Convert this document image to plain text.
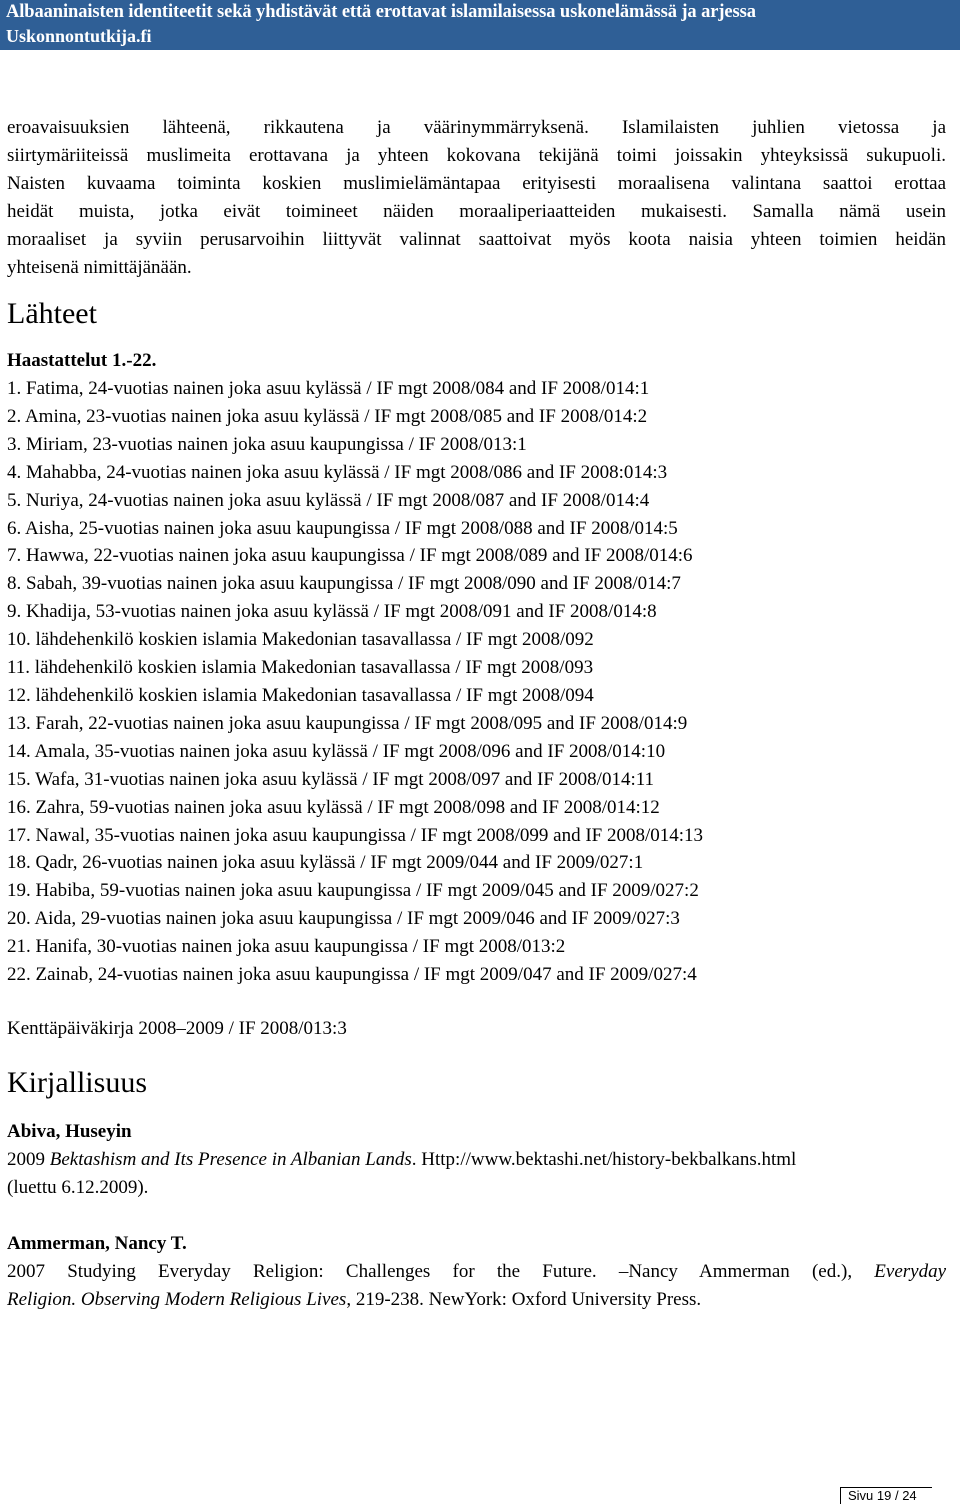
Albaaninaisten identiteetit sekä yhdistävät että erottavat islamilaisessa uskonelämässä ja arjessa
Uskonnontutkija.fi
eroavaisuuksien lähteenä, rikkautena ja väärinymmärryksenä. Islamilaisten juhlien vietossa ja
siirtymäriiteissä muslimeita erottavana ja yhteen kokovana tekijänä toimi joissakin yhteyksissä sukupuoli.
Naisten kuvaama toiminta koskien muslimielämäntapaa erityisesti moraalisena valintana saattoi erottaa
heidät muista, jotka eivät toimineet näiden moraaliperiaatteiden mukaisesti. Samalla nämä usein
moraaliset ja syviin perusarvoihin liittyvät valinnat saattoivat myös koota naisia yhteen toimien heidän
yhteisenä nimittäjänään.
Lähteet

Haastattelut 1.-22.

1. Fatima, 24-vuotias nainen joka asuu kylässä / IF mgt 2008/084 and IF 2008/014:1
2. Amina, 23-vuotias nainen joka asuu kylässä / IF mgt 2008/085 and IF 2008/014:2
3. Miriam, 23-vuotias nainen joka asuu kaupungissa / IF 2008/013:1
4. Mahabba, 24-vuotias nainen joka asuu kylässä / IF mgt 2008/086 and IF 2008:014:3
5. Nuriya, 24-vuotias nainen joka asuu kylässä / IF mgt 2008/087 and IF 2008/014:4
6. Aisha, 25-vuotias nainen joka asuu kaupungissa / IF mgt 2008/088 and IF 2008/014:5
7. Hawwa, 22-vuotias nainen joka asuu kaupungissa / IF mgt 2008/089 and IF 2008/014:6
8. Sabah, 39-vuotias nainen joka asuu kaupungissa / IF mgt 2008/090 and IF 2008/014:7
9. Khadija, 53-vuotias nainen joka asuu kylässä / IF mgt 2008/091 and IF 2008/014:8
10. lähdehenkilö koskien islamia Makedonian tasavallassa / IF mgt 2008/092
11. lähdehenkilö koskien islamia Makedonian tasavallassa / IF mgt 2008/093
12. lähdehenkilö koskien islamia Makedonian tasavallassa / IF mgt 2008/094
13. Farah, 22-vuotias nainen joka asuu kaupungissa / IF mgt 2008/095 and IF 2008/014:9
14. Amala, 35-vuotias nainen joka asuu kylässä / IF mgt 2008/096 and IF 2008/014:10
15. Wafa, 31-vuotias nainen joka asuu kylässä / IF mgt 2008/097 and IF 2008/014:11
16. Zahra, 59-vuotias nainen joka asuu kylässä / IF mgt 2008/098 and IF 2008/014:12
17. Nawal, 35-vuotias nainen joka asuu kaupungissa / IF mgt 2008/099 and IF 2008/014:13
18. Qadr, 26-vuotias nainen joka asuu kylässä / IF mgt 2009/044 and IF 2009/027:1
19. Habiba, 59-vuotias nainen joka asuu kaupungissa / IF mgt 2009/045 and IF 2009/027:2
20. Aida, 29-vuotias nainen joka asuu kaupungissa / IF mgt 2009/046 and IF 2009/027:3
21. Hanifa, 30-vuotias nainen joka asuu kaupungissa / IF mgt 2008/013:2
22. Zainab, 24-vuotias nainen joka asuu kaupungissa / IF mgt 2009/047 and IF 2009/027:4

Kenttäpäiväkirja 2008–2009 / IF 2008/013:3

Kirjallisuus

Abiva, Huseyin

2009 Bektashism and Its Presence in Albanian Lands. Http://www.bektashi.net/history-bekbalkans.html

(luettu 6.12.2009).

Ammerman, Nancy T.

2007 Studying Everyday Religion: Challenges for the Future. –Nancy Ammerman (ed.), Everyday

Religion. Observing Modern Religious Lives, 219-238. NewYork: Oxford University Press.

Sivu 19 / 24
